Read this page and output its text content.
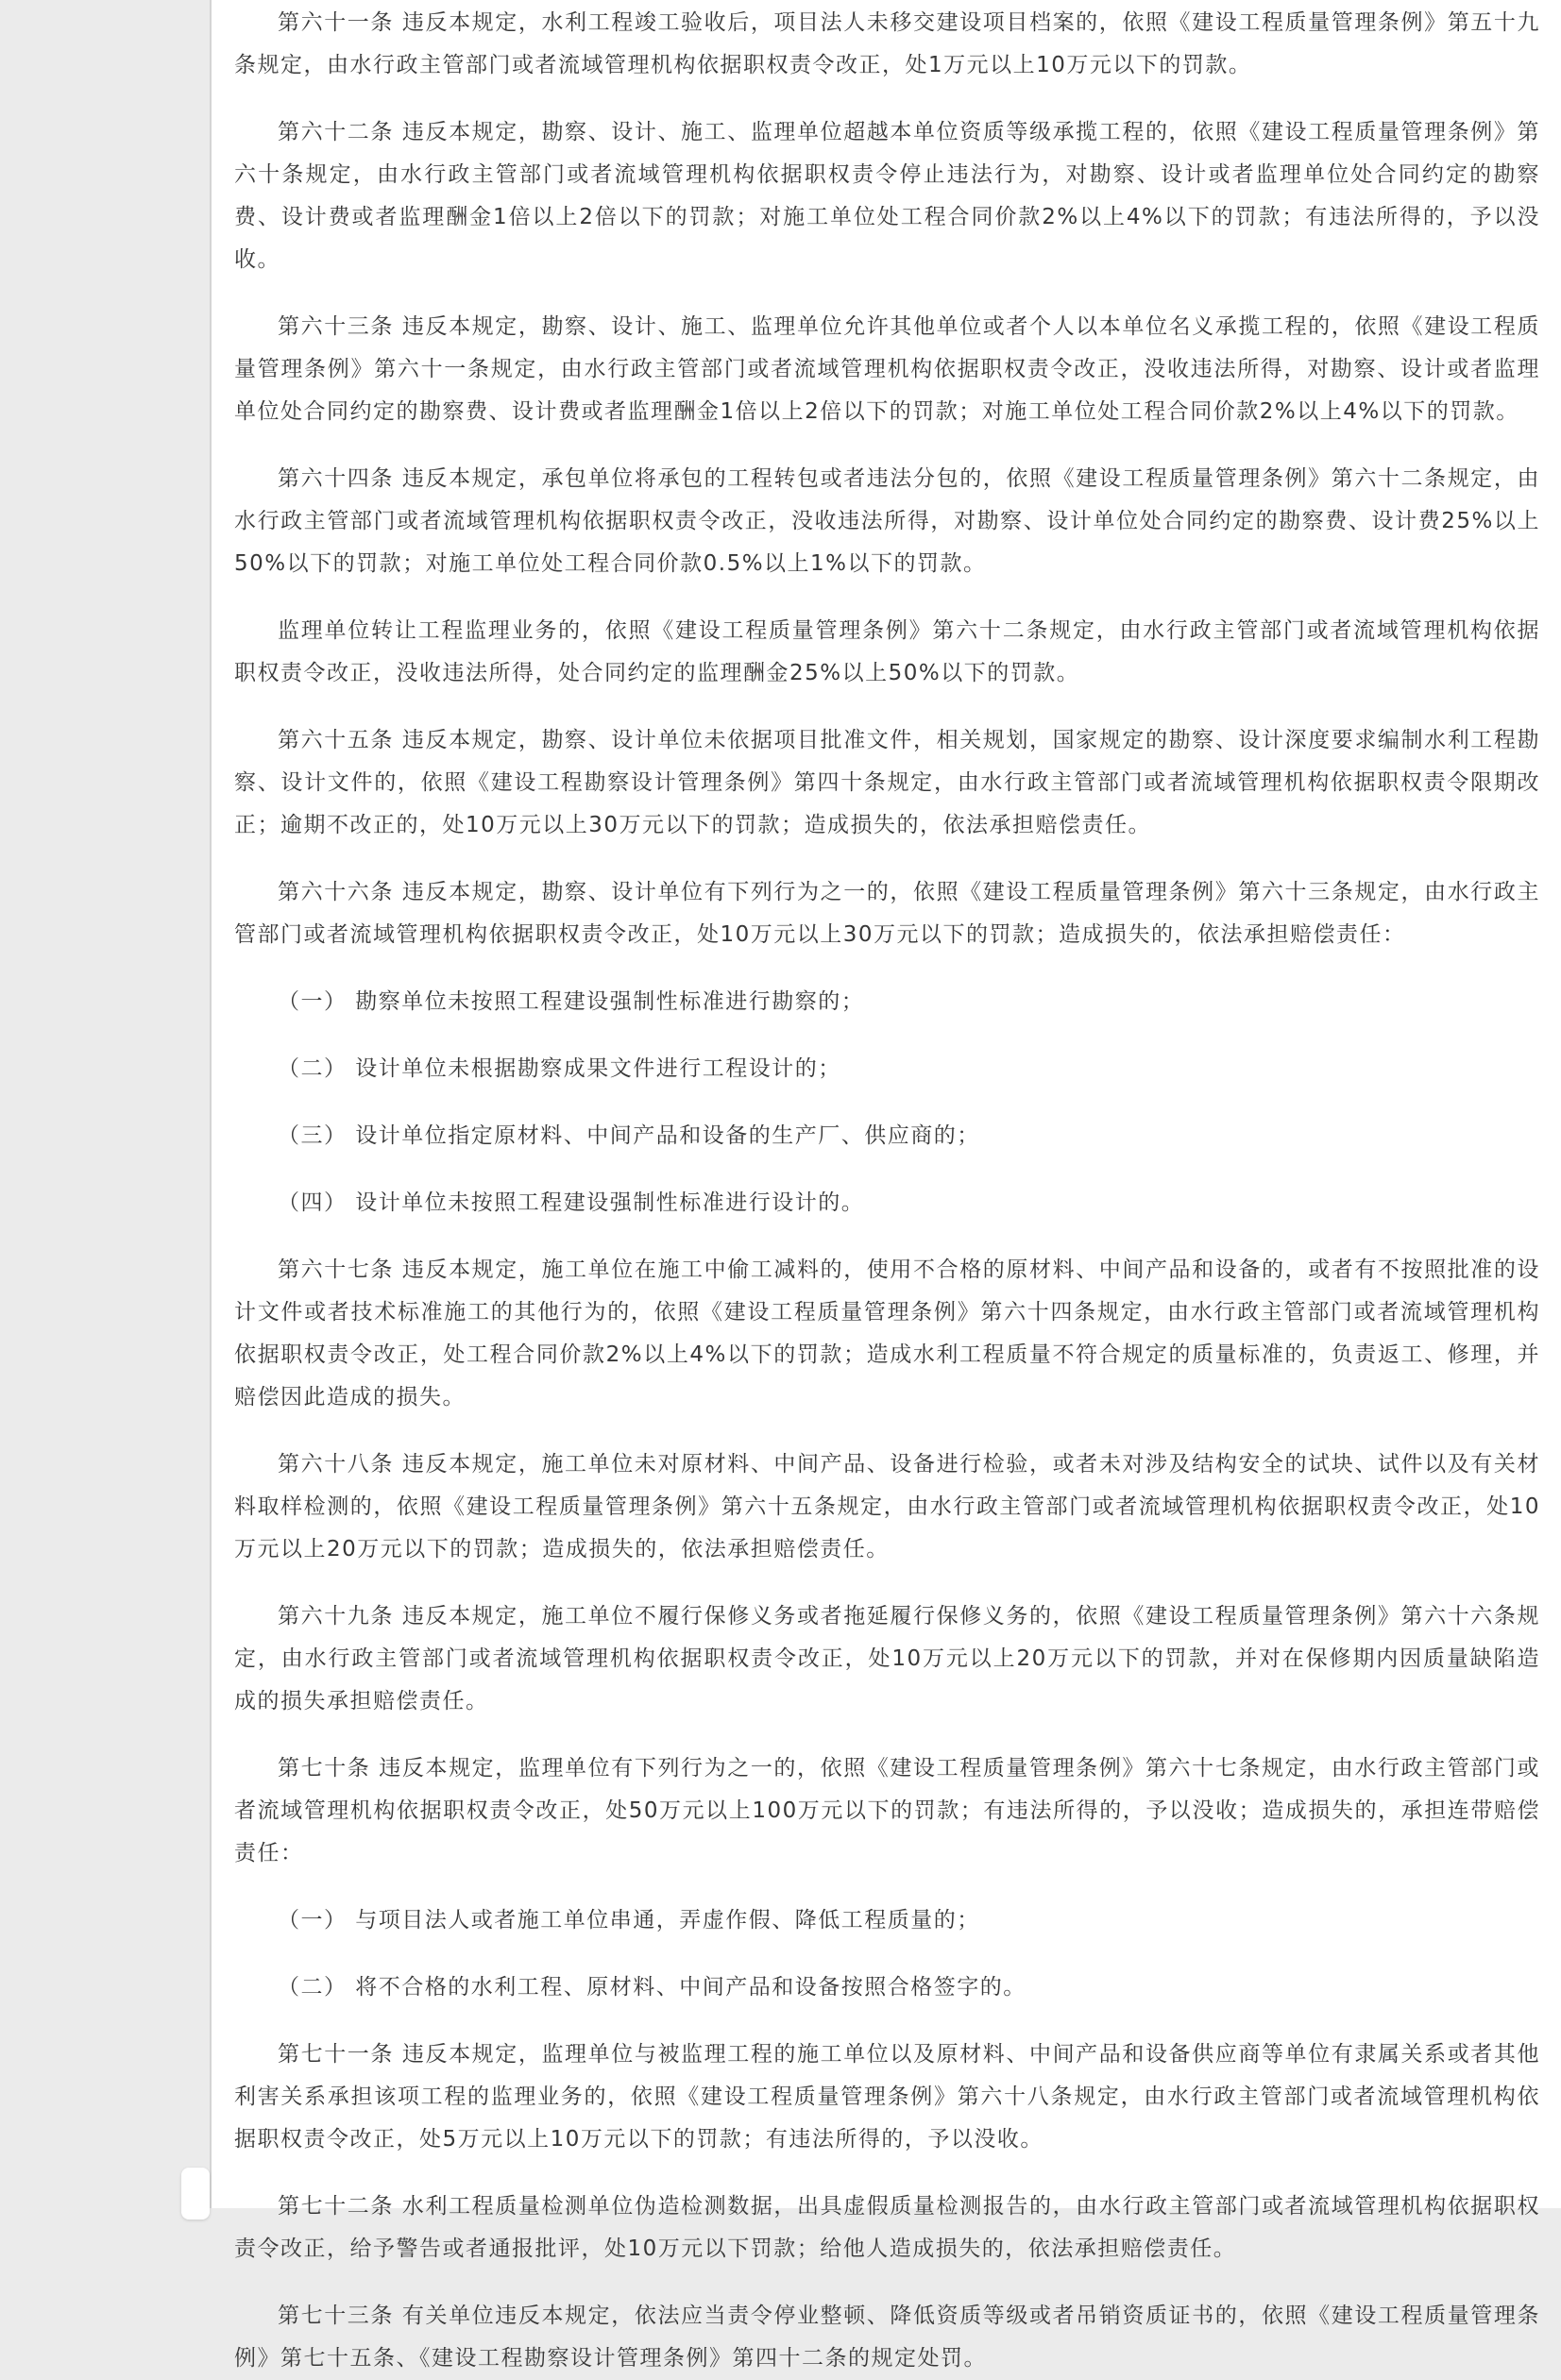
第六十一条 违反本规定，水利工程竣工验收后，项目法人未移交建设项目档案的，依照《建设工程质量管理条例》第五十九条规定，由水行政主管部门或者流域管理机构依据职权责令改正，处1万元以上10万元以下的罚款。

第六十二条 违反本规定，勘察、设计、施工、监理单位超越本单位资质等级承揽工程的，依照《建设工程质量管理条例》第六十条规定，由水行政主管部门或者流域管理机构依据职权责令停止违法行为，对勘察、设计或者监理单位处合同约定的勘察费、设计费或者监理酬金1倍以上2倍以下的罚款；对施工单位处工程合同价款2%以上4%以下的罚款；有违法所得的，予以没收。

第六十三条 违反本规定，勘察、设计、施工、监理单位允许其他单位或者个人以本单位名义承揽工程的，依照《建设工程质量管理条例》第六十一条规定，由水行政主管部门或者流域管理机构依据职权责令改正，没收违法所得，对勘察、设计或者监理单位处合同约定的勘察费、设计费或者监理酬金1倍以上2倍以下的罚款；对施工单位处工程合同价款2%以上4%以下的罚款。

第六十四条 违反本规定，承包单位将承包的工程转包或者违法分包的，依照《建设工程质量管理条例》第六十二条规定，由水行政主管部门或者流域管理机构依据职权责令改正，没收违法所得，对勘察、设计单位处合同约定的勘察费、设计费25%以上50%以下的罚款；对施工单位处工程合同价款0.5%以上1%以下的罚款。

监理单位转让工程监理业务的，依照《建设工程质量管理条例》第六十二条规定，由水行政主管部门或者流域管理机构依据职权责令改正，没收违法所得，处合同约定的监理酬金25%以上50%以下的罚款。

第六十五条 违反本规定，勘察、设计单位未依据项目批准文件，相关规划，国家规定的勘察、设计深度要求编制水利工程勘察、设计文件的，依照《建设工程勘察设计管理条例》第四十条规定，由水行政主管部门或者流域管理机构依据职权责令限期改正；逾期不改正的，处10万元以上30万元以下的罚款；造成损失的，依法承担赔偿责任。

第六十六条 违反本规定，勘察、设计单位有下列行为之一的，依照《建设工程质量管理条例》第六十三条规定，由水行政主管部门或者流域管理机构依据职权责令改正，处10万元以上30万元以下的罚款；造成损失的，依法承担赔偿责任：

（一） 勘察单位未按照工程建设强制性标准进行勘察的；

（二） 设计单位未根据勘察成果文件进行工程设计的；

（三） 设计单位指定原材料、中间产品和设备的生产厂、供应商的；

（四） 设计单位未按照工程建设强制性标准进行设计的。

第六十七条 违反本规定，施工单位在施工中偷工减料的，使用不合格的原材料、中间产品和设备的，或者有不按照批准的设计文件或者技术标准施工的其他行为的，依照《建设工程质量管理条例》第六十四条规定，由水行政主管部门或者流域管理机构依据职权责令改正，处工程合同价款2%以上4%以下的罚款；造成水利工程质量不符合规定的质量标准的，负责返工、修理，并赔偿因此造成的损失。

第六十八条 违反本规定，施工单位未对原材料、中间产品、设备进行检验，或者未对涉及结构安全的试块、试件以及有关材料取样检测的，依照《建设工程质量管理条例》第六十五条规定，由水行政主管部门或者流域管理机构依据职权责令改正，处10万元以上20万元以下的罚款；造成损失的，依法承担赔偿责任。

第六十九条 违反本规定，施工单位不履行保修义务或者拖延履行保修义务的，依照《建设工程质量管理条例》第六十六条规定，由水行政主管部门或者流域管理机构依据职权责令改正，处10万元以上20万元以下的罚款，并对在保修期内因质量缺陷造成的损失承担赔偿责任。

第七十条 违反本规定，监理单位有下列行为之一的，依照《建设工程质量管理条例》第六十七条规定，由水行政主管部门或者流域管理机构依据职权责令改正，处50万元以上100万元以下的罚款；有违法所得的，予以没收；造成损失的，承担连带赔偿责任：

（一） 与项目法人或者施工单位串通，弄虚作假、降低工程质量的；

（二） 将不合格的水利工程、原材料、中间产品和设备按照合格签字的。

第七十一条 违反本规定，监理单位与被监理工程的施工单位以及原材料、中间产品和设备供应商等单位有隶属关系或者其他利害关系承担该项工程的监理业务的，依照《建设工程质量管理条例》第六十八条规定，由水行政主管部门或者流域管理机构依据职权责令改正，处5万元以上10万元以下的罚款；有违法所得的，予以没收。

第七十二条 水利工程质量检测单位伪造检测数据，出具虚假质量检测报告的，由水行政主管部门或者流域管理机构依据职权责令改正，给予警告或者通报批评，处10万元以下罚款；给他人造成损失的，依法承担赔偿责任。

第七十三条 有关单位违反本规定，依法应当责令停业整顿、降低资质等级或者吊销资质证书的，依照《建设工程质量管理条例》第七十五条、《建设工程勘察设计管理条例》第四十二条的规定处罚。
